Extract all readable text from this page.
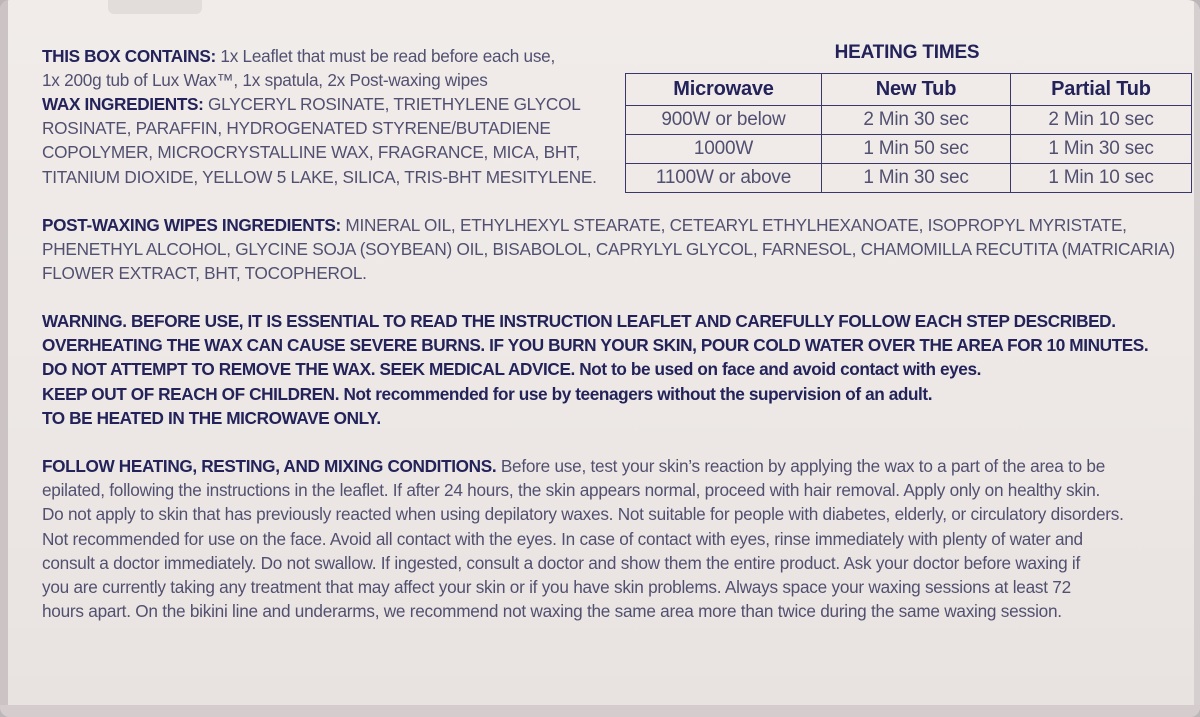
THIS BOX CONTAINS: 1x Leaflet that must be read before each use,
1x 200g tub of Lux Wax™, 1x spatula, 2x Post-waxing wipes
WAX INGREDIENTS: GLYCERYL ROSINATE, TRIETHYLENE GLYCOL
ROSINATE, PARAFFIN, HYDROGENATED STYRENE/BUTADIENE
COPOLYMER, MICROCRYSTALLINE WAX, FRAGRANCE, MICA, BHT,
TITANIUM DIOXIDE, YELLOW 5 LAKE, SILICA, TRIS-BHT MESITYLENE.
HEATING TIMES
Microwave	New Tub	Partial Tub
900W or below	2 Min 30 sec	2 Min 10 sec
1000W	1 Min 50 sec	1 Min 30 sec
1100W or above	1 Min 30 sec	1 Min 10 sec
POST-WAXING WIPES INGREDIENTS: MINERAL OIL, ETHYLHEXYL STEARATE, CETEARYL ETHYLHEXANOATE, ISOPROPYL MYRISTATE,
PHENETHYL ALCOHOL, GLYCINE SOJA (SOYBEAN) OIL, BISABOLOL, CAPRYLYL GLYCOL, FARNESOL, CHAMOMILLA RECUTITA (MATRICARIA)
FLOWER EXTRACT, BHT, TOCOPHEROL.
WARNING. BEFORE USE, IT IS ESSENTIAL TO READ THE INSTRUCTION LEAFLET AND CAREFULLY FOLLOW EACH STEP DESCRIBED.
OVERHEATING THE WAX CAN CAUSE SEVERE BURNS. IF YOU BURN YOUR SKIN, POUR COLD WATER OVER THE AREA FOR 10 MINUTES.
DO NOT ATTEMPT TO REMOVE THE WAX. SEEK MEDICAL ADVICE. Not to be used on face and avoid contact with eyes.
KEEP OUT OF REACH OF CHILDREN. Not recommended for use by teenagers without the supervision of an adult.
TO BE HEATED IN THE MICROWAVE ONLY.
FOLLOW HEATING, RESTING, AND MIXING CONDITIONS. Before use, test your skin’s reaction by applying the wax to a part of the area to be
epilated, following the instructions in the leaflet. If after 24 hours, the skin appears normal, proceed with hair removal. Apply only on healthy skin.
Do not apply to skin that has previously reacted when using depilatory waxes. Not suitable for people with diabetes, elderly, or circulatory disorders.
Not recommended for use on the face. Avoid all contact with the eyes. In case of contact with eyes, rinse immediately with plenty of water and
consult a doctor immediately. Do not swallow. If ingested, consult a doctor and show them the entire product. Ask your doctor before waxing if
you are currently taking any treatment that may affect your skin or if you have skin problems. Always space your waxing sessions at least 72
hours apart. On the bikini line and underarms, we recommend not waxing the same area more than twice during the same waxing session.
